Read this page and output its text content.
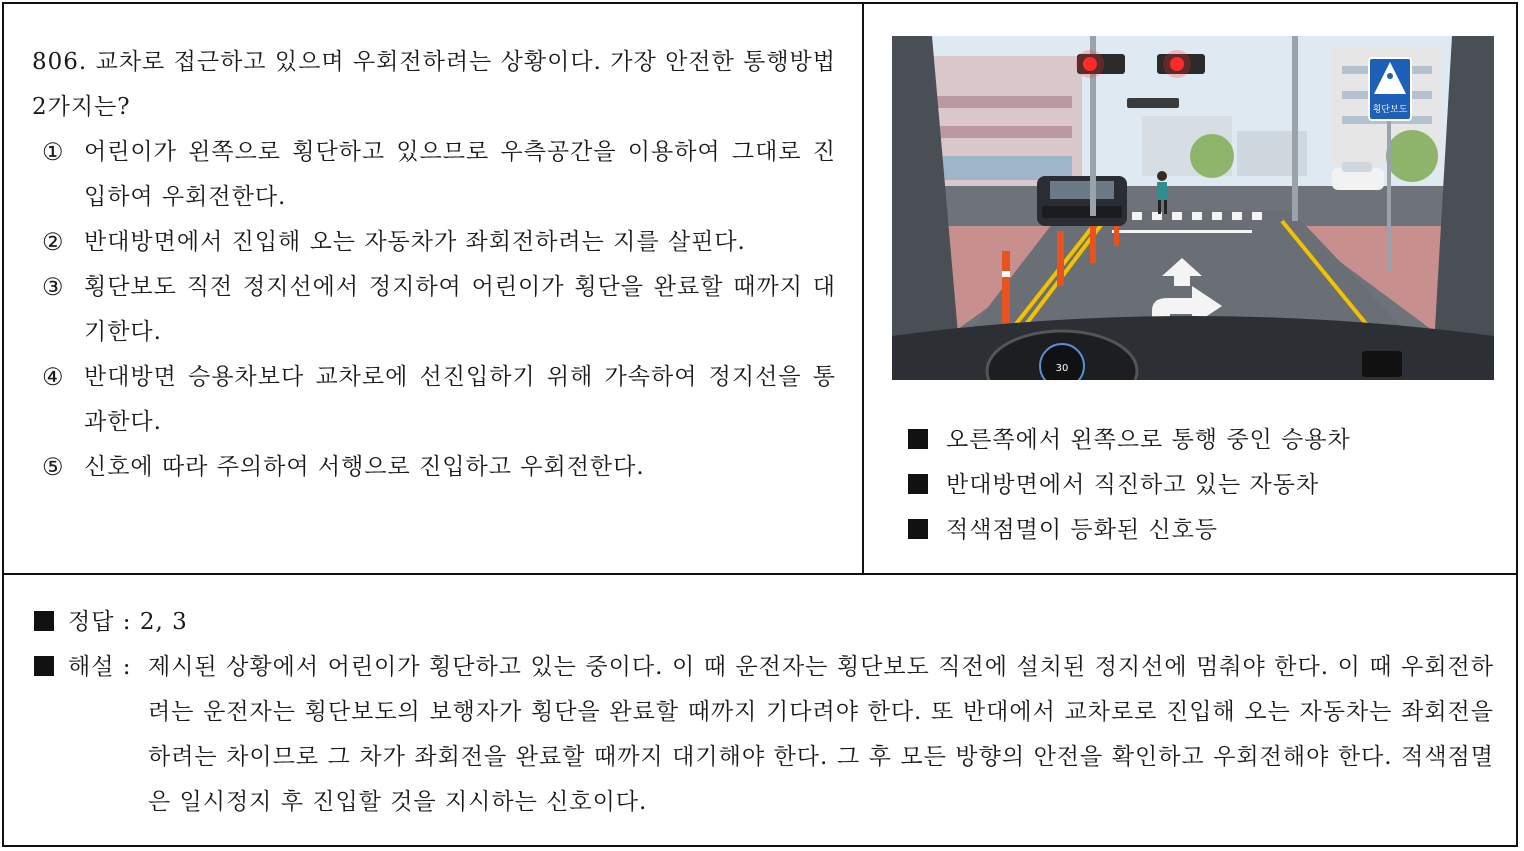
806. 교차로 접근하고 있으며 우회전하려는 상황이다. 가장 안전한 통행방법 2가지는?
① 어린이가 왼쪽으로 횡단하고 있으므로 우측공간을 이용하여 그대로 진입하여 우회전한다.
② 반대방면에서 진입해 오는 자동차가 좌회전하려는 지를 살핀다.
③ 횡단보도 직전 정지선에서 정지하여 어린이가 횡단을 완료할 때까지 대기한다.
④ 반대방면 승용차보다 교차로에 선진입하기 위해 가속하여 정지선을 통과한다.
⑤ 신호에 따라 주의하여 서행으로 진입하고 우회전한다.
횡단보도
30
오른쪽에서 왼쪽으로 통행 중인 승용차
반대방면에서 직진하고 있는 자동차
적색점멸이 등화된 신호등
정답 : 2, 3
해설 : 제시된 상황에서 어린이가 횡단하고 있는 중이다. 이 때 운전자는 횡단보도 직전에 설치된 정지선에 멈춰야 한다. 이 때 우회전하려는 운전자는 횡단보도의 보행자가 횡단을 완료할 때까지 기다려야 한다. 또 반대에서 교차로로 진입해 오는 자동차는 좌회전을 하려는 차이므로 그 차가 좌회전을 완료할 때까지 대기해야 한다. 그 후 모든 방향의 안전을 확인하고 우회전해야 한다. 적색점멸은 일시정지 후 진입할 것을 지시하는 신호이다.
